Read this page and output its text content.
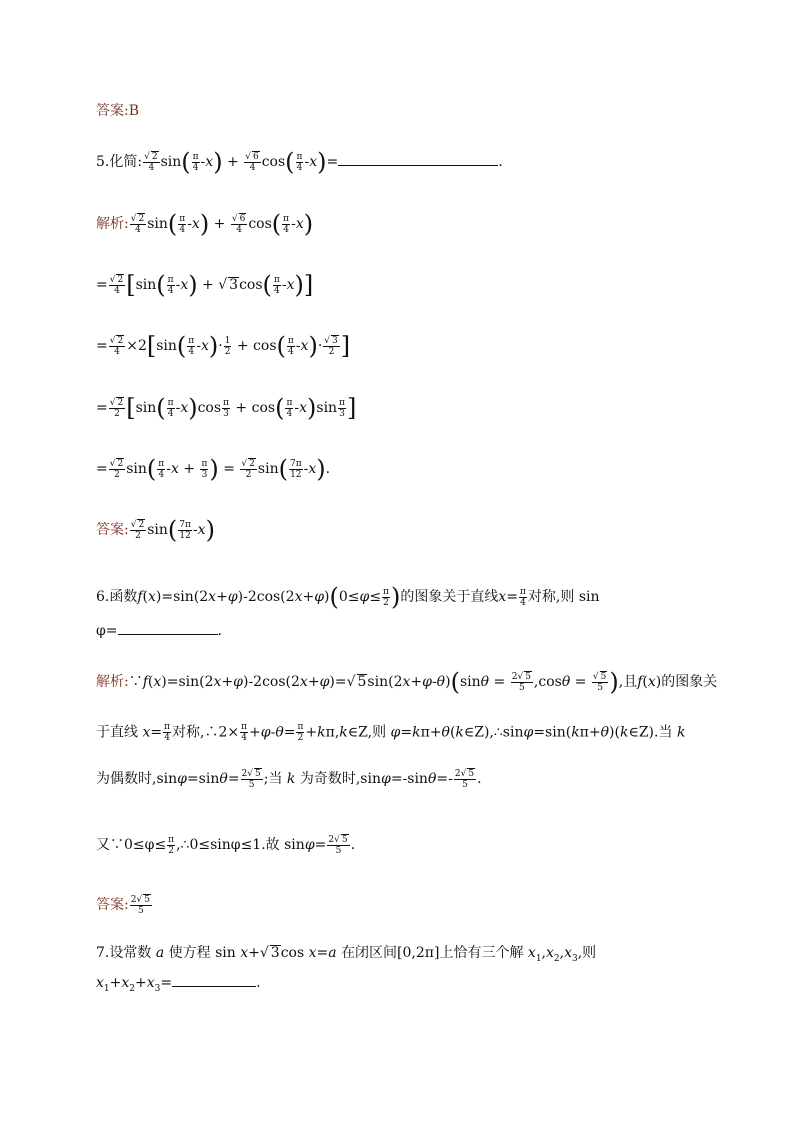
答案:B
5.化简: $\frac{√ 2}{4} \sin( \frac{\pi}{4} -x) + \frac{√ 6}{4} \cos( \frac{\pi}{4} -x)=$	.
解析: $\frac{√ 2}{4} \sin( \frac{\pi}{4} -x) + \frac{√ 6}{4} \cos( \frac{\pi}{4} -x)$
= $\frac{√ 2}{4} [\sin( \frac{\pi}{4} -x)$ + √ $3\cos( \frac{\pi}{4} -x)$]
= $\frac{√ 2}{4} \times 2[\sin( \frac{\pi}{4} -x)\cdot \frac{1}{2} + \cos( \frac{\pi}{4} -x)\cdot \frac{√ 3}{2}$ ]
= $\frac{√ 2}{2} [\sin( \frac{\pi}{4} -x)\cos \frac{\pi}{3} + \cos( \frac{\pi}{4} -x)\sin \frac{\pi}{3}$ ]
= $\frac{√ 2}{2} \sin( \frac{\pi}{4} -x + \frac{\pi}{3}$ ) = $\frac{√ 2}{2} \sin( \frac{7\pi}{12} -x)$.
答案: $\frac{√ 2}{2} \sin( \frac{7\pi}{12} -x)$
6.函数$f(x)=\sin(2x+\varphi)-2\cos(2x+\varphi)(0\le\varphi\le \frac{\pi}{2}$ )的图象关于直线$x= \frac{\pi}{4}$ 对称,则 sin
φ=	.
解析:∵f(x)=sin(2x+φ)-2cos(2x+φ)=√ $5\sin(2x+\varphi-\theta)(\sin\theta = \frac{2√ 5}{5} ,\cos\theta = \frac{√ 5}{5}$ ),且f(x)的图象关
于直线 $x= \frac{\pi}{4}$ 对称,∴2× $\frac{\pi}{4} +\varphi-\theta= \frac{\pi}{2}$ +kπ,k∈Z,则 φ=kπ+θ(k∈Z),∴sinφ=sin(kπ+θ)(k∈Z).当 k
为偶数时$,\sin\varphi=\sin\theta= \frac{2√ 5}{5}$ ;当 k 为奇数时$,\sin\varphi=-\sin\theta=- \frac{2√ 5}{5}$ .
又∵0≤φ≤ $\frac{\pi}{2}$ ,∴0≤sinφ≤1.故 $\sin\varphi= \frac{2√ 5}{5}$ .
答案: $\frac{2√ 5}{5}$
7.设常数 a 使方程 sin x+√ 3cos x=a 在闭区间[0,2π]上恰有三个解 $x_1,x_2,x_3$,则
$x_1+x_2+x_3=$	.
